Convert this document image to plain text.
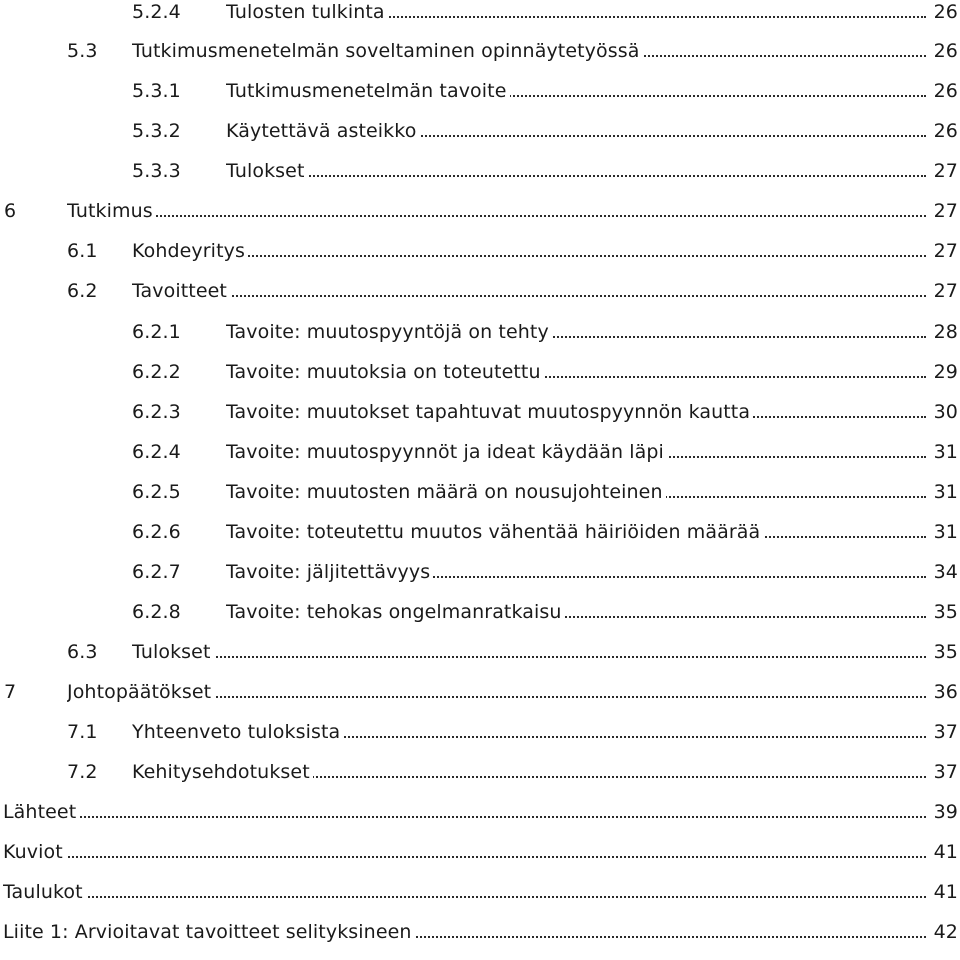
5.2.4 Tulosten tulkinta	26
5.3 Tutkimusmenetelmän soveltaminen opinnäytetyössä	26
5.3.1 Tutkimusmenetelmän tavoite	26
5.3.2 Käytettävä asteikko	26
5.3.3 Tulokset	27
6	Tutkimus	27
6.1 Kohdeyritys	27
6.2 Tavoitteet	27
6.2.1 Tavoite: muutospyyntöjä on tehty	28
6.2.2 Tavoite: muutoksia on toteutettu	29
6.2.3 Tavoite: muutokset tapahtuvat muutospyynnön kautta	30
6.2.4 Tavoite: muutospyynnöt ja ideat käydään läpi	31
6.2.5 Tavoite: muutosten määrä on nousujohteinen	31
6.2.6 Tavoite: toteutettu muutos vähentää häiriöiden määrää	31
6.2.7 Tavoite: jäljitettävyys	34
6.2.8 Tavoite: tehokas ongelmanratkaisu	35
6.3 Tulokset	35
7	Johtopäätökset	36
7.1 Yhteenveto tuloksista	37
7.2 Kehitysehdotukset	37
Lähteet	39
Kuviot	41
Taulukot	41
Liite 1: Arvioitavat tavoitteet selityksineen	42
